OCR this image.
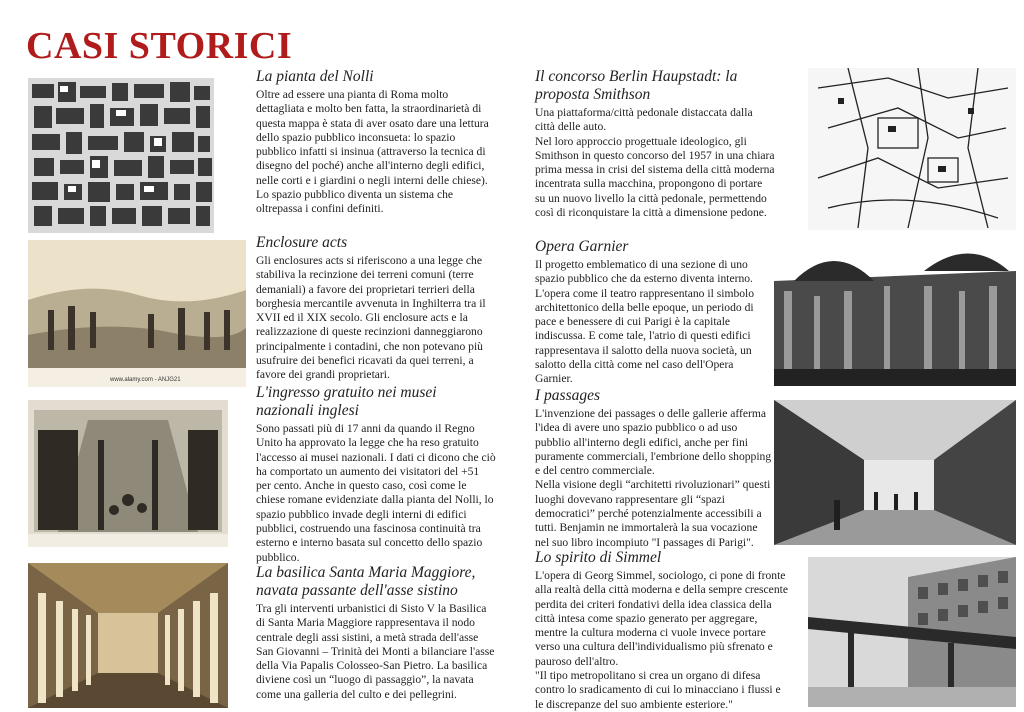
CASI STORICI
www.alamy.com - ANJG21
La pianta del Nolli

Oltre ad essere una pianta di Roma molto dettagliata e molto ben fatta, la straordinarietà di questa mappa è stata di aver osato dare una lettura dello spazio pubblico inconsueta: lo spazio pubblico infatti si insinua (attraverso la tecnica di disegno del poché) anche all'interno degli edifici, nelle corti e i giardini o negli interni delle chiese). Lo spazio pubblico diventa un sistema che oltrepassa i confini definiti.

Enclosure acts

Gli enclosures acts si riferiscono a una legge che stabiliva la recinzione dei terreni comuni (terre demaniali) a favore dei proprietari terrieri della borghesia mercantile avvenuta in Inghilterra tra il XVII ed il XIX secolo. Gli enclosure acts e la realizzazione di queste recinzioni danneggiarono principalmente i contadini, che non potevano più usufruire dei benefici ricavati da quei terreni, a favore dei grandi proprietari.

L'ingresso gratuito nei musei nazionali inglesi

Sono passati più di 17 anni da quando il Regno Unito ha approvato la legge che ha reso gratuito l'accesso ai musei nazionali. I dati ci dicono che ciò ha comportato un aumento dei visitatori del +51 per cento. Anche in questo caso, così come le chiese romane evidenziate dalla pianta del Nolli, lo spazio pubblico invade degli interni di edifici pubblici, costruendo una fascinosa continuità tra esterno e interno basata sul concetto dello spazio pubblico.

La basilica Santa Maria Maggiore, navata passante dell'asse sistino

Tra gli interventi urbanistici di Sisto V la Basilica di Santa Maria Maggiore rappresentava il nodo centrale degli assi sistini, a metà strada dell'asse San Giovanni – Trinità dei Monti a bilanciare l'asse della Via Papalis Colosseo-San Pietro. La basilica diviene così un “luogo di passaggio”, la navata come una galleria del culto e dei pellegrini.

Il concorso Berlin Haupstadt: la proposta Smithson

Una piattaforma/città pedonale distaccata dalla città delle auto.

Nel loro approccio progettuale ideologico, gli Smithson in questo concorso del 1957 in una chiara prima messa in crisi del sistema della città moderna incentrata sulla macchina, propongono di portare su un nuovo livello la città pedonale, permettendo così di riconquistare la città a dimensione pedone.

Opera Garnier

Il progetto emblematico di una sezione di uno spazio pubblico che da esterno diventa interno. L'opera come il teatro rappresentano il simbolo architettonico della belle epoque, un periodo di pace e benessere di cui Parigi è la capitale indiscussa. E come tale, l'atrio di questi edifici rappresentava il salotto della nuova società, un salotto della città come nel caso dell'Opera Garnier.

I passages

L'invenzione dei passages o delle gallerie afferma l'idea di avere uno spazio pubblico o ad uso pubblio all'interno degli edifici, anche per fini puramente commerciali, l'embrione dello shopping e del centro commerciale.

Nella visione degli “architetti rivoluzionari” questi luoghi dovevano rappresentare gli “spazi democratici” perché potenzialmente accessibili a tutti. Benjamin ne immortalerà la sua vocazione nel suo libro incompiuto "I passages di Parigi".

Lo spirito di Simmel

L'opera di Georg Simmel, sociologo, ci pone di fronte alla realtà della città moderna e della sempre crescente perdita dei criteri fondativi della idea classica della città intesa come spazio generato per aggregare, mentre la cultura moderna ci vuole invece portare verso una cultura dell'individualismo più sfrenato e pauroso dell'altro.

"Il tipo metropolitano si crea un organo di difesa contro lo sradicamento di cui lo minacciano i flussi e le discrepanze del suo ambiente esteriore."
